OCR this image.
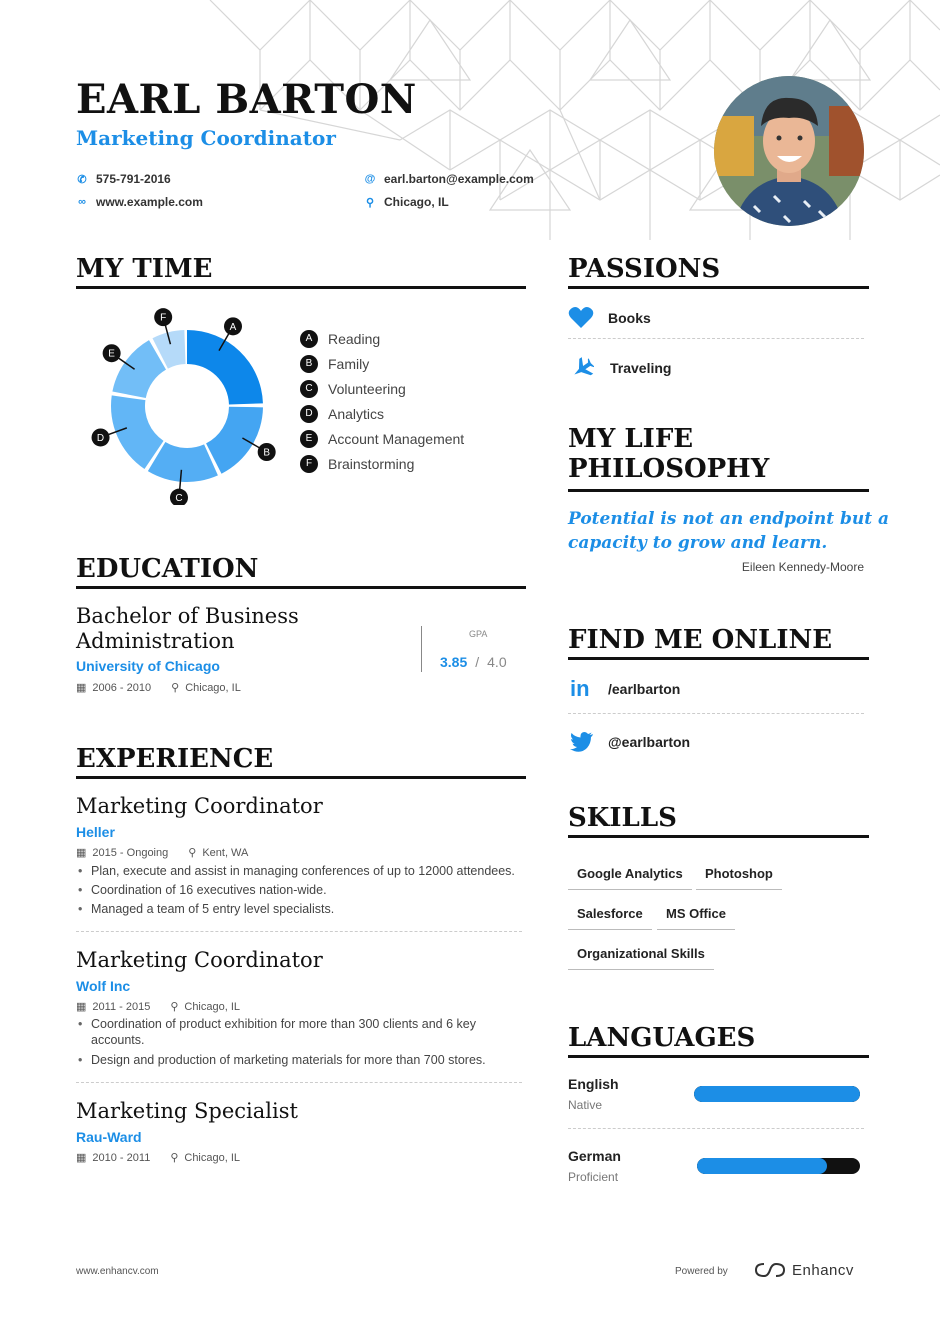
EARL BARTON
Marketing Coordinator
✆ 575-791-2016
∞ www.example.com
@ earl.barton@example.com
⚲ Chicago, IL
MY TIME
A
B
C
D
E
F
A	Reading
B	Family
C	Volunteering
D	Analytics
E	Account Management
F	Brainstorming
EDUCATION
Bachelor of Business
Administration
University of Chicago
▦ 2006 - 2010 ⚲ Chicago, IL
GPA
3.85 / 4.0
EXPERIENCE
Marketing Coordinator
Heller
▦ 2015 - Ongoing ⚲ Kent, WA
• Plan, execute and assist in managing conferences of up to 12000 attendees.
• Coordination of 16 executives nation-wide.
• Managed a team of 5 entry level specialists.
Marketing Coordinator
Wolf Inc
▦ 2011 - 2015 ⚲ Chicago, IL
• Coordination of product exhibition for more than 300 clients and 6 key accounts.
• Design and production of marketing materials for more than 700 stores.
Marketing Specialist
Rau-Ward
▦ 2010 - 2011 ⚲ Chicago, IL
PASSIONS
Books
Traveling
MY LIFE
PHILOSOPHY
Potential is not an endpoint but a
capacity to grow and learn.
Eileen Kennedy-Moore
FIND ME ONLINE
in	/earlbarton
@earlbarton
SKILLS
Google Analytics	Photoshop
Salesforce	MS Office
Organizational Skills
LANGUAGES
English
Native
German
Proficient
www.enhancv.com	Powered by	Enhancv
